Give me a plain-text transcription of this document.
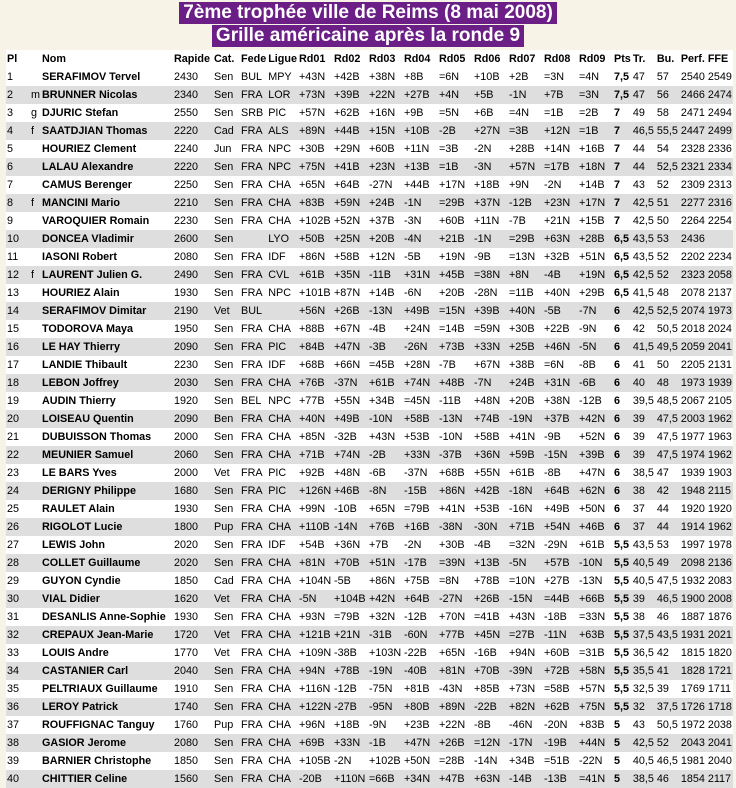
7ème trophée ville de Reims (8 mai 2008)
Grille américaine après la ronde 9
Pl		Nom	Rapide	Cat.	Fede	Ligue	Rd01	Rd02	Rd03	Rd04	Rd05	Rd06	Rd07	Rd08	Rd09	Pts	Tr.	Bu.	Perf.	FFE
1		SERAFIMOV Tervel	2430	Sen	BUL	MPY	+43N	+42B	+38N	+8B	=6N	+10B	+2B	=3N	=4N	7,5	47	57	2540	2549
2	m	BRUNNER Nicolas	2340	Sen	FRA	LOR	+73N	+39B	+22N	+27B	+4N	+5B	-1N	+7B	=3N	7,5	47	56	2466	2474
3	g	DJURIC Stefan	2550	Sen	SRB	PIC	+57N	+62B	+16N	+9B	=5N	+6B	=4N	=1B	=2B	7	49	58	2471	2494
4	f	SAATDJIAN Thomas	2220	Cad	FRA	ALS	+89N	+44B	+15N	+10B	-2B	+27N	=3B	+12N	=1B	7	46,5	55,5	2447	2499
5		HOURIEZ Clement	2240	Jun	FRA	NPC	+30B	+29N	+60B	+11N	=3B	-2N	+28B	+14N	+16B	7	44	54	2328	2336
6		LALAU Alexandre	2220	Sen	FRA	NPC	+75N	+41B	+23N	+13B	=1B	-3N	+57N	=17B	+18N	7	44	52,5	2321	2334
7		CAMUS Berenger	2250	Sen	FRA	CHA	+65N	+64B	-27N	+44B	+17N	+18B	+9N	-2N	+14B	7	43	52	2309	2313
8	f	MANCINI Mario	2210	Sen	FRA	CHA	+83B	+59N	+24B	-1N	=29B	+37N	-12B	+23N	+17N	7	42,5	51	2277	2316
9		VAROQUIER Romain	2230	Sen	FRA	CHA	+102B	+52N	+37B	-3N	+60B	+11N	-7B	+21N	+15B	7	42,5	50	2264	2254
10		DONCEA Vladimir	2600	Sen		LYO	+50B	+25N	+20B	-4N	+21B	-1N	=29B	+63N	+28B	6,5	43,5	53	2436	
11		IASONI Robert	2080	Sen	FRA	IDF	+86N	+58B	+12N	-5B	+19N	-9B	=13N	+32B	+51N	6,5	43,5	52	2202	2234
12	f	LAURENT Julien G.	2490	Sen	FRA	CVL	+61B	+35N	-11B	+31N	+45B	=38N	+8N	-4B	+19N	6,5	42,5	52	2323	2058
13		HOURIEZ Alain	1930	Sen	FRA	NPC	+101B	+87N	+14B	-6N	+20B	-28N	=11B	+40N	+29B	6,5	41,5	48	2078	2137
14		SERAFIMOV Dimitar	2190	Vet	BUL		+56N	+26B	-13N	+49B	=15N	+39B	+40N	-5B	-7N	6	42,5	52,5	2074	1973
15		TODOROVA Maya	1950	Sen	FRA	CHA	+88B	+67N	-4B	+24N	=14B	=59N	+30B	+22B	-9N	6	42	50,5	2018	2024
16		LE HAY Thierry	2090	Sen	FRA	PIC	+84B	+47N	-3B	-26N	+73B	+33N	+25B	+46N	-5N	6	41,5	49,5	2059	2041
17		LANDIE Thibault	2230	Sen	FRA	IDF	+68B	+66N	=45B	+28N	-7B	+67N	+38B	=6N	-8B	6	41	50	2205	2131
18		LEBON Joffrey	2030	Sen	FRA	CHA	+76B	-37N	+61B	+74N	+48B	-7N	+24B	+31N	-6B	6	40	48	1973	1939
19		AUDIN Thierry	1920	Sen	BEL	NPC	+77B	+55N	+34B	=45N	-11B	+48N	+20B	+38N	-12B	6	39,5	48,5	2067	2105
20		LOISEAU Quentin	2090	Ben	FRA	CHA	+40N	+49B	-10N	+58B	-13N	+74B	-19N	+37B	+42N	6	39	47,5	2003	1962
21		DUBUISSON Thomas	2000	Sen	FRA	CHA	+85N	-32B	+43N	+53B	-10N	+58B	+41N	-9B	+52N	6	39	47,5	1977	1963
22		MEUNIER Samuel	2060	Sen	FRA	CHA	+71B	+74N	-2B	+33N	-37B	+36N	+59B	-15N	+39B	6	39	47,5	1974	1962
23		LE BARS Yves	2000	Vet	FRA	PIC	+92B	+48N	-6B	-37N	+68B	+55N	+61B	-8B	+47N	6	38,5	47	1939	1903
24		DERIGNY Philippe	1680	Sen	FRA	PIC	+126N	+46B	-8N	-15B	+86N	+42B	-18N	+64B	+62N	6	38	42	1948	2115
25		RAULET Alain	1930	Sen	FRA	CHA	+99N	-10B	+65N	=79B	+41N	+53B	-16N	+49B	+50N	6	37	44	1920	1920
26		RIGOLOT Lucie	1800	Pup	FRA	CHA	+110B	-14N	+76B	+16B	-38N	-30N	+71B	+54N	+46B	6	37	44	1914	1962
27		LEWIS John	2020	Sen	FRA	IDF	+54B	+36N	+7B	-2N	+30B	-4B	=32N	-29N	+61B	5,5	43,5	53	1997	1978
28		COLLET Guillaume	2020	Sen	FRA	CHA	+81N	+70B	+51N	-17B	=39N	+13B	-5N	+57B	-10N	5,5	40,5	49	2098	2136
29		GUYON Cyndie	1850	Cad	FRA	CHA	+104N	-5B	+86N	+75B	=8N	+78B	=10N	+27B	-13N	5,5	40,5	47,5	1932	2083
30		VIAL Didier	1620	Vet	FRA	CHA	-5N	+104B	+42N	+64B	-27N	+26B	-15N	=44B	+66B	5,5	39	46,5	1900	2008
31		DESANLIS Anne-Sophie	1930	Sen	FRA	CHA	+93N	=79B	+32N	-12B	+70N	=41B	+43N	-18B	=33N	5,5	38	46	1887	1876
32		CREPAUX Jean-Marie	1720	Vet	FRA	CHA	+121B	+21N	-31B	-60N	+77B	+45N	=27B	-11N	+63B	5,5	37,5	43,5	1931	2021
33		LOUIS Andre	1770	Vet	FRA	CHA	+109N	-38B	+103N	-22B	+65N	-16B	+94N	+60B	=31B	5,5	36,5	42	1815	1820
34		CASTANIER Carl	2040	Sen	FRA	CHA	+94N	+78B	-19N	-40B	+81N	+70B	-39N	+72B	+58N	5,5	35,5	41	1828	1721
35		PELTRIAUX Guillaume	1910	Sen	FRA	CHA	+116N	-12B	-75N	+81B	-43N	+85B	+73N	=58B	+57N	5,5	32,5	39	1769	1711
36		LEROY Patrick	1740	Sen	FRA	CHA	+122N	-27B	-95N	+80B	+89N	-22B	+82N	+62B	+75N	5,5	32	37,5	1726	1718
37		ROUFFIGNAC Tanguy	1760	Pup	FRA	CHA	+96N	+18B	-9N	+23B	+22N	-8B	-46N	-20N	+83B	5	43	50,5	1972	2038
38		GASIOR Jerome	2080	Sen	FRA	CHA	+69B	+33N	-1B	+47N	+26B	=12N	-17N	-19B	+44N	5	42,5	52	2043	2041
39		BARNIER Christophe	1850	Sen	FRA	CHA	+105B	-2N	+102B	+50N	=28B	-14N	+34B	=51B	-22N	5	40,5	46,5	1981	2040
40		CHITTIER Celine	1560	Sen	FRA	CHA	-20B	+110N	=66B	+34N	+47B	+63N	-14B	-13B	=41N	5	38,5	46	1854	2117
